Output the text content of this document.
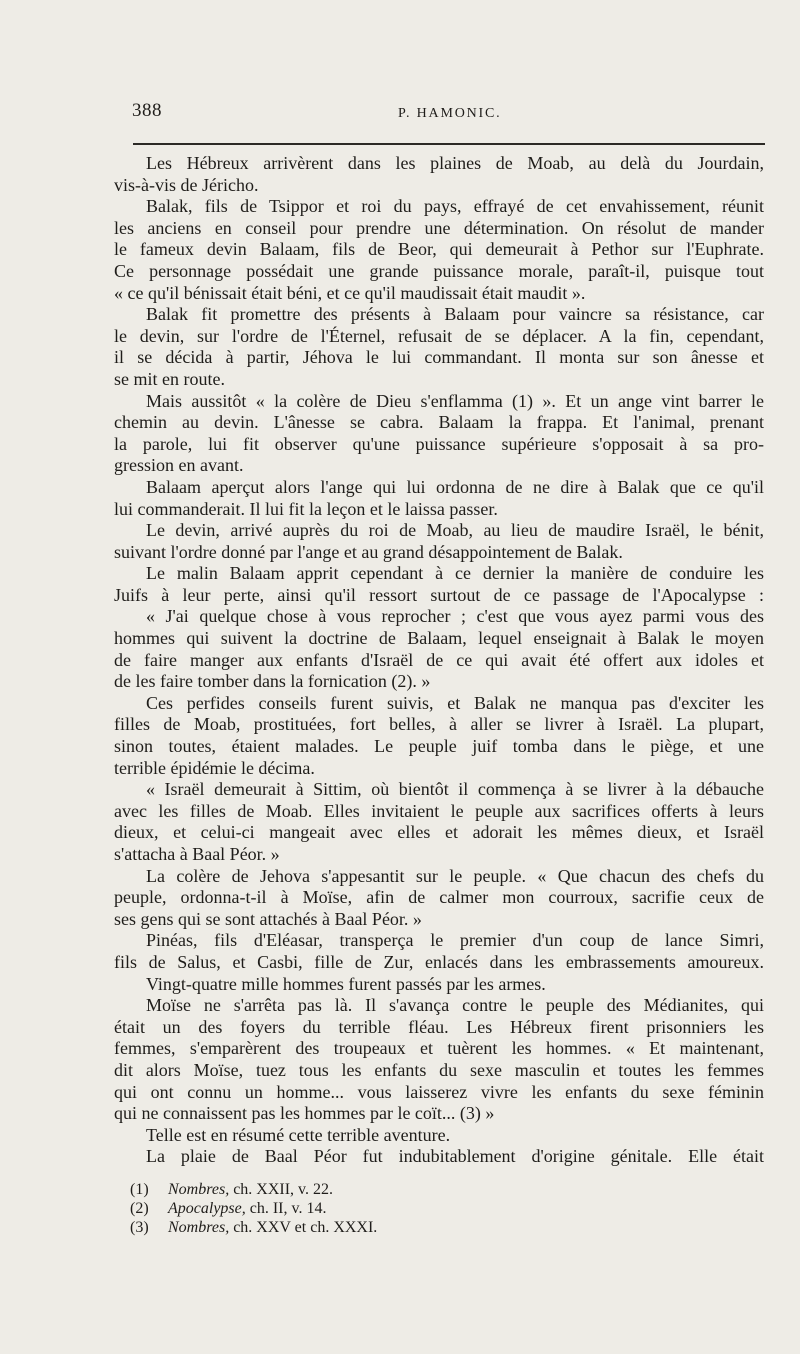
388	P. HAMONIC.
Les Hébreux arrivèrent dans les plaines de Moab, au delà du Jourdain,
vis-à-vis de Jéricho.
Balak, fils de Tsippor et roi du pays, effrayé de cet envahissement, réunit
les anciens en conseil pour prendre une détermination. On résolut de mander
le fameux devin Balaam, fils de Beor, qui demeurait à Pethor sur l'Euphrate.
Ce personnage possédait une grande puissance morale, paraît-il, puisque tout
« ce qu'il bénissait était béni, et ce qu'il maudissait était maudit ».
Balak fit promettre des présents à Balaam pour vaincre sa résistance, car
le devin, sur l'ordre de l'Éternel, refusait de se déplacer. A la fin, cependant,
il se décida à partir, Jéhova le lui commandant. Il monta sur son ânesse et
se mit en route.
Mais aussitôt « la colère de Dieu s'enflamma (1) ». Et un ange vint barrer le
chemin au devin. L'ânesse se cabra. Balaam la frappa. Et l'animal, prenant
la parole, lui fit observer qu'une puissance supérieure s'opposait à sa pro-
gression en avant.
Balaam aperçut alors l'ange qui lui ordonna de ne dire à Balak que ce qu'il
lui commanderait. Il lui fit la leçon et le laissa passer.
Le devin, arrivé auprès du roi de Moab, au lieu de maudire Israël, le bénit,
suivant l'ordre donné par l'ange et au grand désappointement de Balak.
Le malin Balaam apprit cependant à ce dernier la manière de conduire les
Juifs à leur perte, ainsi qu'il ressort surtout de ce passage de l'Apocalypse :
« J'ai quelque chose à vous reprocher ; c'est que vous ayez parmi vous des
hommes qui suivent la doctrine de Balaam, lequel enseignait à Balak le moyen
de faire manger aux enfants d'Israël de ce qui avait été offert aux idoles et
de les faire tomber dans la fornication (2). »
Ces perfides conseils furent suivis, et Balak ne manqua pas d'exciter les
filles de Moab, prostituées, fort belles, à aller se livrer à Israël. La plupart,
sinon toutes, étaient malades. Le peuple juif tomba dans le piège, et une
terrible épidémie le décima.
« Israël demeurait à Sittim, où bientôt il commença à se livrer à la débauche
avec les filles de Moab. Elles invitaient le peuple aux sacrifices offerts à leurs
dieux, et celui-ci mangeait avec elles et adorait les mêmes dieux, et Israël
s'attacha à Baal Péor. »
La colère de Jehova s'appesantit sur le peuple. « Que chacun des chefs du
peuple, ordonna-t-il à Moïse, afin de calmer mon courroux, sacrifie ceux de
ses gens qui se sont attachés à Baal Péor. »
Pinéas, fils d'Eléasar, transperça le premier d'un coup de lance Simri,
fils de Salus, et Casbi, fille de Zur, enlacés dans les embrassements amoureux.
Vingt-quatre mille hommes furent passés par les armes.
Moïse ne s'arrêta pas là. Il s'avança contre le peuple des Médianites, qui
était un des foyers du terrible fléau. Les Hébreux firent prisonniers les
femmes, s'emparèrent des troupeaux et tuèrent les hommes. « Et maintenant,
dit alors Moïse, tuez tous les enfants du sexe masculin et toutes les femmes
qui ont connu un homme... vous laisserez vivre les enfants du sexe féminin
qui ne connaissent pas les hommes par le coït... (3) »
Telle est en résumé cette terrible aventure.
La plaie de Baal Péor fut indubitablement d'origine génitale. Elle était
(1) Nombres, ch. XXII, v. 22.
(2) Apocalypse, ch. II, v. 14.
(3) Nombres, ch. XXV et ch. XXXI.
